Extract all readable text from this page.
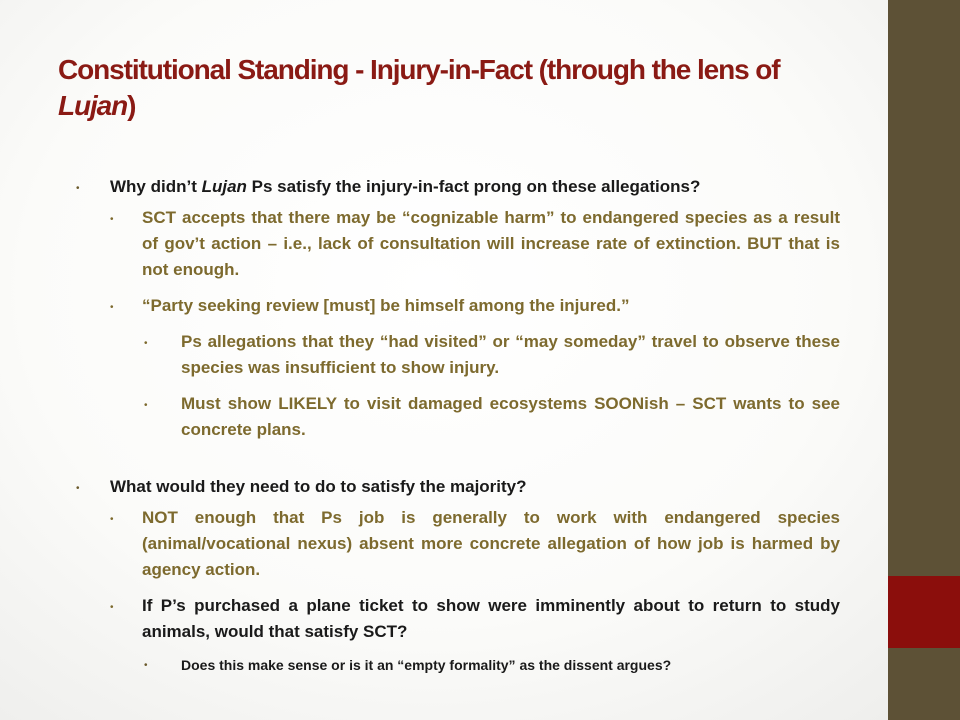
Constitutional Standing - Injury-in-Fact (through the lens of Lujan)
• Why didn’t Lujan Ps satisfy the injury-in-fact prong on these allegations?
• SCT accepts that there may be “cognizable harm” to endangered species as a result of gov’t action – i.e., lack of consultation will increase rate of extinction. BUT that is not enough.
• “Party seeking review [must] be himself among the injured.”
• Ps allegations that they “had visited” or “may someday” travel to observe these species was insufficient to show injury.
• Must show LIKELY to visit damaged ecosystems SOONish – SCT wants to see concrete plans.
• What would they need to do to satisfy the majority?
• NOT enough that Ps job is generally to work with endangered species (animal/vocational nexus) absent more concrete allegation of how job is harmed by agency action.
• If P’s purchased a plane ticket to show were imminently about to return to study animals, would that satisfy SCT?
• Does this make sense or is it an “empty formality” as the dissent argues?
